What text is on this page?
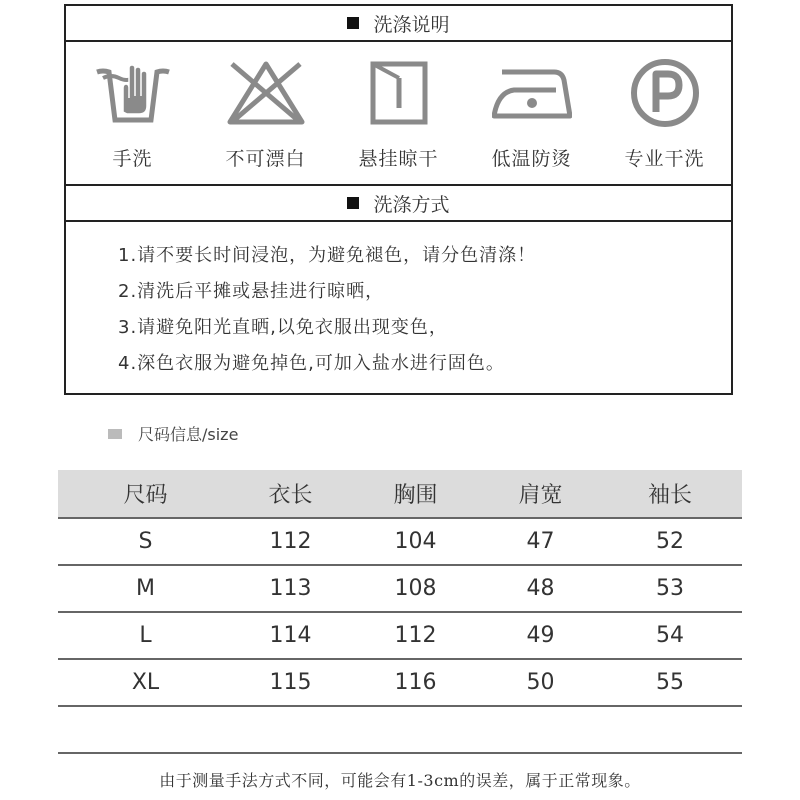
洗涤说明
手洗	不可漂白	悬挂晾干	低温防烫	专业干洗
洗涤方式
1.请不要长时间浸泡，为避免褪色，请分色清涤！
2.清洗后平摊或悬挂进行晾晒，
3.请避免阳光直晒,以免衣服出现变色，
4.深色衣服为避免掉色,可加入盐水进行固色。
尺码信息/size
尺码	衣长	胸围	肩宽	袖长
S	112	104	47	52
M	113	108	48	53
L	114	112	49	54
XL	115	116	50	55

由于测量手法方式不同，可能会有1-3cm的误差，属于正常现象。
